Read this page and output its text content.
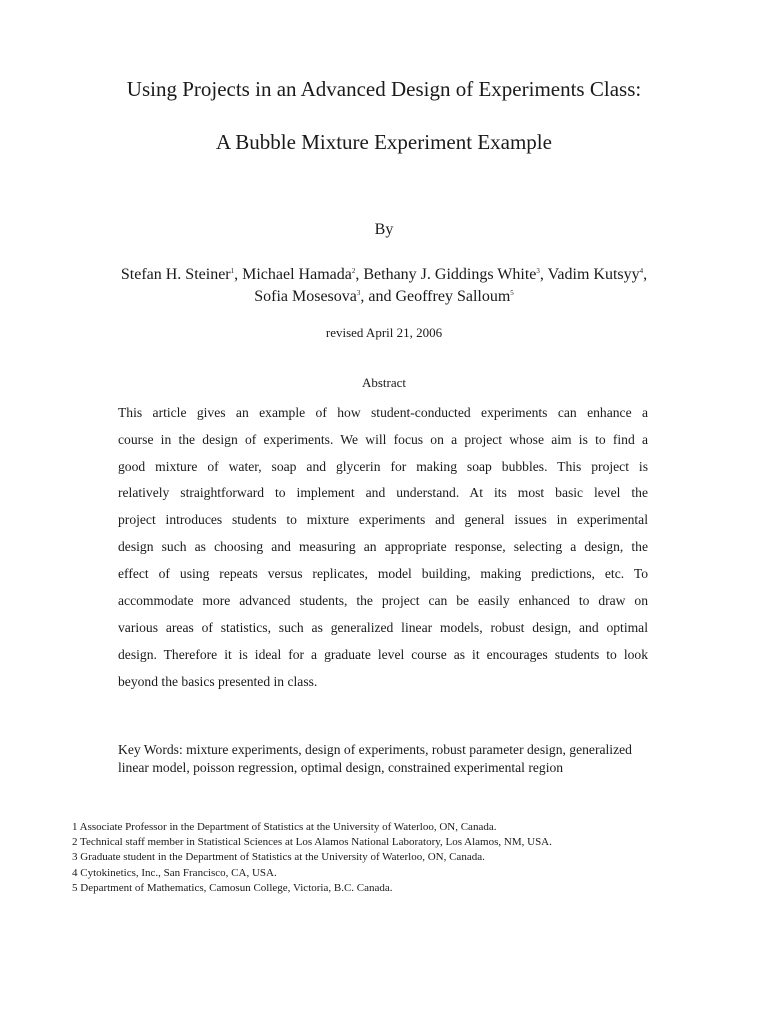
Using Projects in an Advanced Design of Experiments Class:
A Bubble Mixture Experiment Example
By
Stefan H. Steiner$^1$, Michael Hamada$^2$, Bethany J. Giddings White$^3$, Vadim Kutsyy$^4$,
Sofia Mosesova$^3$, and Geoffrey Salloum$^5$
revised April 21, 2006
Abstract
This article gives an example of how student-conducted experiments can enhance a
course in the design of experiments. We will focus on a project whose aim is to find a
good mixture of water, soap and glycerin for making soap bubbles. This project is
relatively straightforward to implement and understand. At its most basic level the
project introduces students to mixture experiments and general issues in experimental
design such as choosing and measuring an appropriate response, selecting a design, the
effect of using repeats versus replicates, model building, making predictions, etc. To
accommodate more advanced students, the project can be easily enhanced to draw on
various areas of statistics, such as generalized linear models, robust design, and optimal
design. Therefore it is ideal for a graduate level course as it encourages students to look
beyond the basics presented in class.
Key Words: mixture experiments, design of experiments, robust parameter design, generalized linear model, poisson regression, optimal design, constrained experimental region
1 Associate Professor in the Department of Statistics at the University of Waterloo, ON, Canada.
2 Technical staff member in Statistical Sciences at Los Alamos National Laboratory, Los Alamos, NM, USA.
3 Graduate student in the Department of Statistics at the University of Waterloo, ON, Canada.
4 Cytokinetics, Inc., San Francisco, CA, USA.
5 Department of Mathematics, Camosun College, Victoria, B.C. Canada.
